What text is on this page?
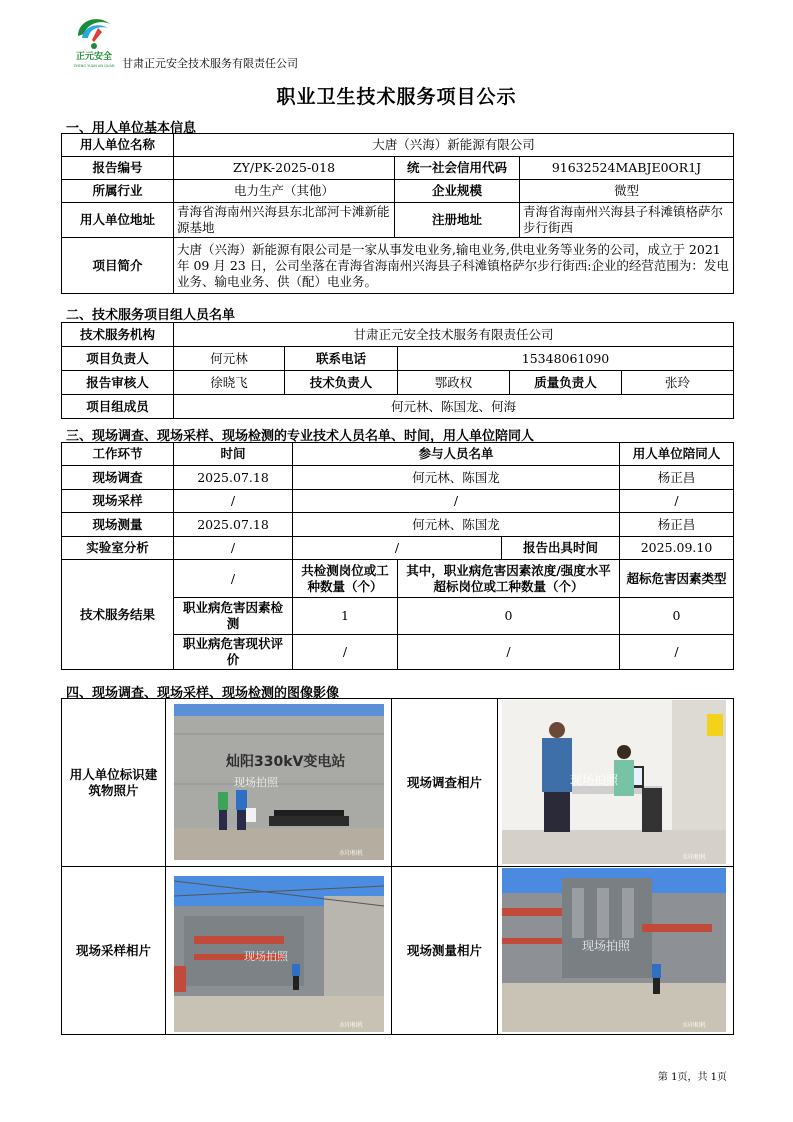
正元安全
ZHENG YUAN AN QUAN 甘肃正元安全技术服务有限责任公司
职业卫生技术服务项目公示
一、用人单位基本信息
用人单位名称	大唐（兴海）新能源有限公司		
报告编号	ZY/PK-2025-018	统一社会信用代码	91632524MABJE0OR1J
所属行业	电力生产（其他）	企业规模	微型
用人单位地址	青海省海南州兴海县东北部河卡滩新能源基地	注册地址	青海省海南州兴海县子科滩镇格萨尔步行街西
项目简介	大唐（兴海）新能源有限公司是一家从事发电业务,输电业务,供电业务等业务的公司，成立于 2021 年 09 月 23 日，公司坐落在青海省海南州兴海县子科滩镇格萨尔步行街西:企业的经营范围为：发电业务、输电业务、供（配）电业务。		
二、技术服务项目组人员名单
技术服务机构	甘肃正元安全技术服务有限责任公司				
项目负责人	何元林	联系电话	15348061090		
报告审核人	徐晓飞	技术负责人	鄂政权	质量负责人	张玲
项目组成员	何元林、陈国龙、何海				
三、现场调查、现场采样、现场检测的专业技术人员名单、时间，用人单位陪同人
工作环节	时间	参与人员名单			用人单位陪同人
现场调查	2025.07.18	何元林、陈国龙			杨正昌
现场采样	/	/			/
现场测量	2025.07.18	何元林、陈国龙			杨正昌
实验室分析	/	/		报告出具时间	2025.09.10
技术服务结果	/	共检测岗位或工种数量（个）	其中，职业病危害因素浓度/强度水平超标岗位或工种数量（个）		超标危害因素类型
	职业病危害因素检测	1	0		0
	职业病危害现状评价	/	/		/
四、现场调查、现场采样、现场检测的图像影像
用人单位标识建筑物照片		现场调查相片	
现场采样相片		现场测量相片	
灿阳330kV变电站
现场拍照
水印相机
现场拍照
水印相机
现场拍照
水印相机
现场拍照
水印相机
第 1页，共 1页
